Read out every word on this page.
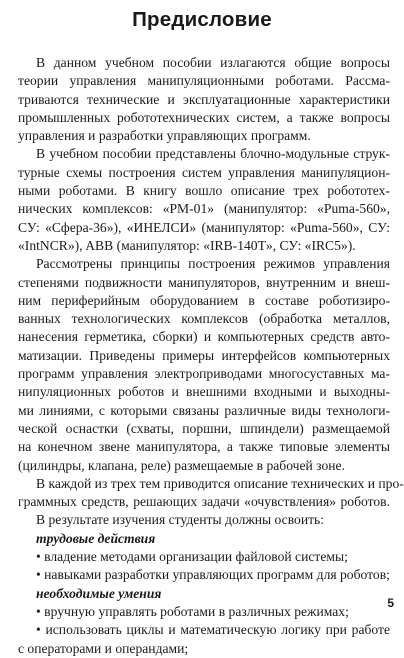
Предисловие
В данном учебном пособии излагаются общие вопросы
теории управления манипуляционными роботами. Рассма-
триваются технические и эксплуатационные характеристики
промышленных робототехнических систем, а также вопросы
управления и разработки управляющих программ.
В учебном пособии представлены блочно-модульные струк-
турные схемы построения систем управления манипуляцион-
ными роботами. В книгу вошло описание трех робототех-
нических комплексов: «РМ-01» (манипулятор: «Puma-560»,
СУ: «Сфера-36»), «ИНЕЛСИ» (манипулятор: «Puma-560», СУ:
«IntNCR»), ABB (манипулятор: «IRB-140T», СУ: «IRC5»).
Рассмотрены принципы построения режимов управления
степенями подвижности манипуляторов, внутренним и внеш-
ним периферийным оборудованием в составе роботизиро-
ванных технологических комплексов (обработка металлов,
нанесения герметика, сборки) и компьютерных средств авто-
матизации. Приведены примеры интерфейсов компьютерных
программ управления электроприводами многосуставных ма-
нипуляционных роботов и внешними входными и выходны-
ми линиями, с которыми связаны различные виды технологи-
ческой оснастки (схваты, поршни, шпиндели) размещаемой
на конечном звене манипулятора, а также типовые элементы
(цилиндры, клапана, реле) размещаемые в рабочей зоне.
В каждой из трех тем приводится описание технических и про-
граммных средств, решающих задачи «очувствления» роботов.
В результате изучения студенты должны освоить:
трудовые действия
• владение методами организации файловой системы;
• навыками разработки управляющих программ для роботов;
необходимые умения
• вручную управлять роботами в различных режимах;
• использовать циклы и математическую логику при работе
с операторами и операндами;
5
